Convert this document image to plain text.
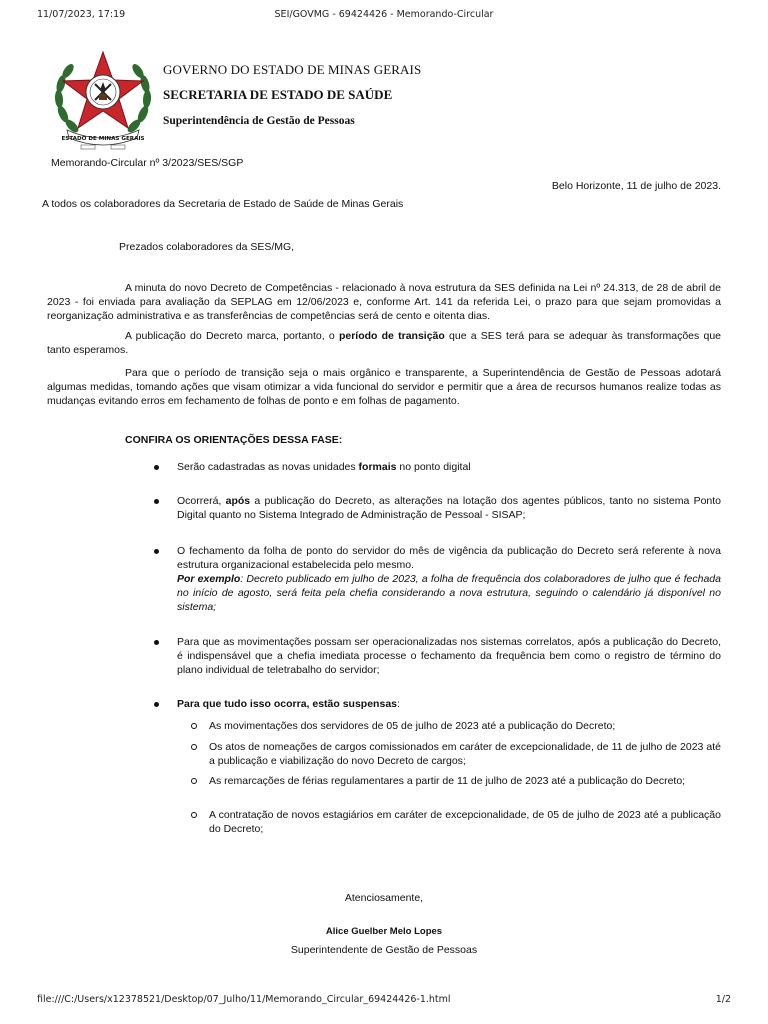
11/07/2023, 17:19	SEI/GOVMG - 69424426 - Memorando-Circular
ESTADO DE MINAS GERAIS
GOVERNO DO ESTADO DE MINAS GERAIS
SECRETARIA DE ESTADO DE SAÚDE
Superintendência de Gestão de Pessoas
Memorando-Circular nº 3/2023/SES/SGP
Belo Horizonte, 11 de julho de 2023.
A todos os colaboradores da Secretaria de Estado de Saúde de Minas Gerais
Prezados colaboradores da SES/MG,
A minuta do novo Decreto de Competências - relacionado à nova estrutura da SES definida na Lei nº 24.313, de 28 de abril de 2023 - foi enviada para avaliação da SEPLAG em 12/06/2023 e, conforme Art. 141 da referida Lei, o prazo para que sejam promovidas a reorganização administrativa e as transferências de competências será de cento e oitenta dias.
A publicação do Decreto marca, portanto, o período de transição que a SES terá para se adequar às transformações que tanto esperamos.
Para que o período de transição seja o mais orgânico e transparente, a Superintendência de Gestão de Pessoas adotará algumas medidas, tomando ações que visam otimizar a vida funcional do servidor e permitir que a área de recursos humanos realize todas as mudanças evitando erros em fechamento de folhas de ponto e em folhas de pagamento.
CONFIRA OS ORIENTAÇÕES DESSA FASE:
Serão cadastradas as novas unidades formais no ponto digital
Ocorrerá, após a publicação do Decreto, as alterações na lotação dos agentes públicos, tanto no sistema Ponto Digital quanto no Sistema Integrado de Administração de Pessoal - SISAP;
O fechamento da folha de ponto do servidor do mês de vigência da publicação do Decreto será referente à nova estrutura organizacional estabelecida pelo mesmo.
Por exemplo: Decreto publicado em julho de 2023, a folha de frequência dos colaboradores de julho que é fechada no início de agosto, será feita pela chefia considerando a nova estrutura, seguindo o calendário já disponível no sistema;
Para que as movimentações possam ser operacionalizadas nos sistemas correlatos, após a publicação do Decreto, é indispensável que a chefia imediata processe o fechamento da frequência bem como o registro de término do plano individual de teletrabalho do servidor;
Para que tudo isso ocorra, estão suspensas:
As movimentações dos servidores de 05 de julho de 2023 até a publicação do Decreto;
Os atos de nomeações de cargos comissionados em caráter de excepcionalidade, de 11 de julho de 2023 até a publicação e viabilização do novo Decreto de cargos;
As remarcações de férias regulamentares a partir de 11 de julho de 2023 até a publicação do Decreto;
A contratação de novos estagiários em caráter de excepcionalidade, de 05 de julho de 2023 até a publicação do Decreto;
Atenciosamente,
Alice Guelber Melo Lopes
Superintendente de Gestão de Pessoas
file:///C:/Users/x12378521/Desktop/07_Julho/11/Memorando_Circular_69424426-1.html	1/2
